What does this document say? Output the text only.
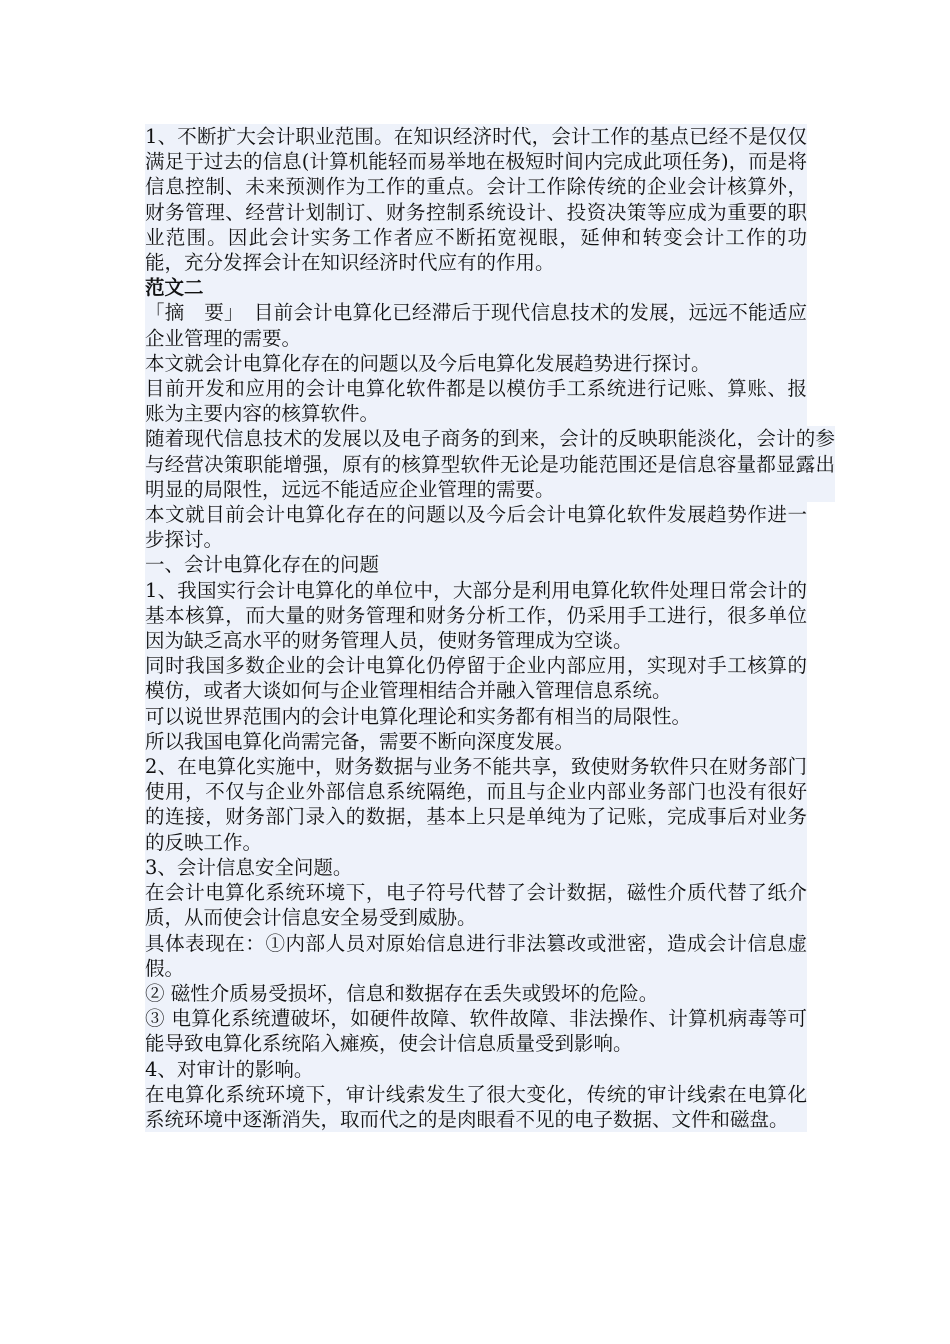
1、不断扩大会计职业范围。在知识经济时代，会计工作的基点已经不是仅仅满足于过去的信息(计算机能轻而易举地在极短时间内完成此项任务)，而是将信息控制、未来预测作为工作的重点。会计工作除传统的企业会计核算外，财务管理、经营计划制订、财务控制系统设计、投资决策等应成为重要的职业范围。因此会计实务工作者应不断拓宽视眼，延伸和转变会计工作的功能，充分发挥会计在知识经济时代应有的作用。

范文二

「摘　要」　目前会计电算化已经滞后于现代信息技术的发展，远远不能适应企业管理的需要。

本文就会计电算化存在的问题以及今后电算化发展趋势进行探讨。

目前开发和应用的会计电算化软件都是以模仿手工系统进行记账、算账、报账为主要内容的核算软件。

随着现代信息技术的发展以及电子商务的到来，会计的反映职能淡化，会计的参与经营决策职能增强，原有的核算型软件无论是功能范围还是信息容量都显露出明显的局限性，远远不能适应企业管理的需要。

本文就目前会计电算化存在的问题以及今后会计电算化软件发展趋势作进一步探讨。

一、会计电算化存在的问题

1、我国实行会计电算化的单位中，大部分是利用电算化软件处理日常会计的基本核算，而大量的财务管理和财务分析工作，仍采用手工进行，很多单位因为缺乏高水平的财务管理人员，使财务管理成为空谈。

同时我国多数企业的会计电算化仍停留于企业内部应用，实现对手工核算的模仿，或者大谈如何与企业管理相结合并融入管理信息系统。

可以说世界范围内的会计电算化理论和实务都有相当的局限性。

所以我国电算化尚需完备，需要不断向深度发展。

2、在电算化实施中，财务数据与业务不能共享，致使财务软件只在财务部门使用，不仅与企业外部信息系统隔绝，而且与企业内部业务部门也没有很好的连接，财务部门录入的数据，基本上只是单纯为了记账，完成事后对业务的反映工作。

3、会计信息安全问题。

在会计电算化系统环境下，电子符号代替了会计数据，磁性介质代替了纸介质，从而使会计信息安全易受到威胁。

具体表现在：①内部人员对原始信息进行非法篡改或泄密，造成会计信息虚假。

② 磁性介质易受损坏，信息和数据存在丢失或毁坏的危险。

③ 电算化系统遭破坏，如硬件故障、软件故障、非法操作、计算机病毒等可能导致电算化系统陷入瘫痪，使会计信息质量受到影响。

4、对审计的影响。

在电算化系统环境下，审计线索发生了很大变化，传统的审计线索在电算化系统环境中逐渐消失，取而代之的是肉眼看不见的电子数据、文件和磁盘。
